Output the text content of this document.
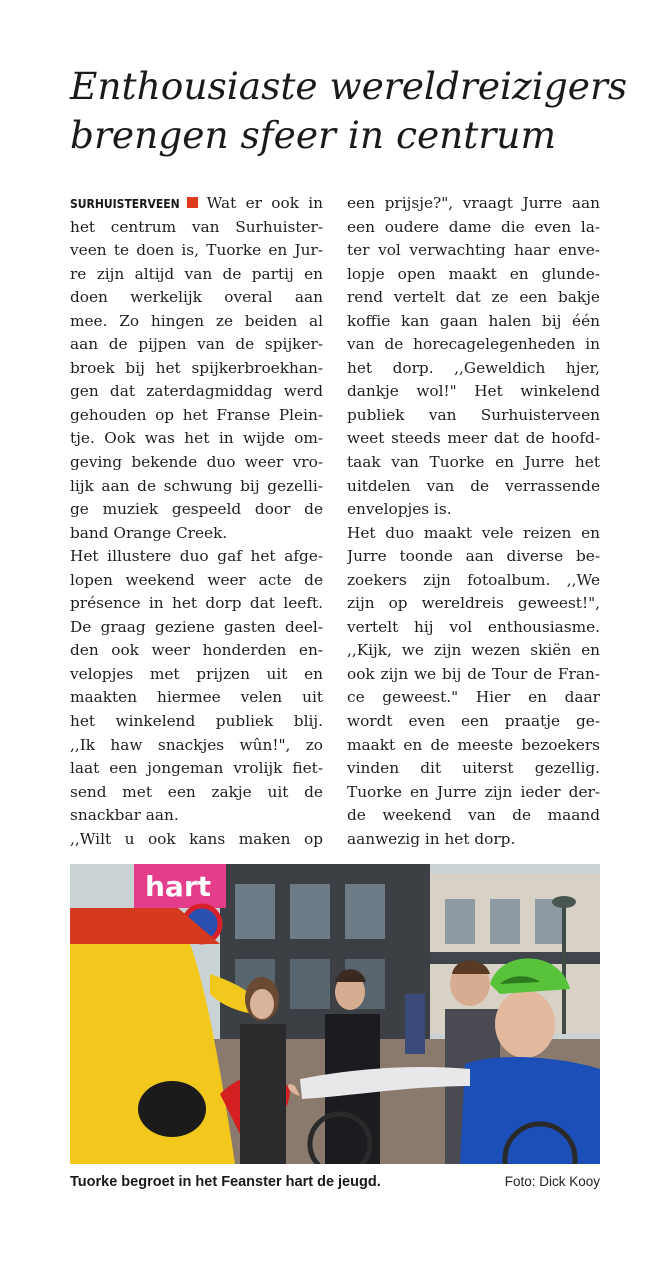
Enthousiaste wereldreizigers
brengen sfeer in centrum
SURHUISTERVEEN Wat er ook in
het centrum van Surhuister-
veen te doen is, Tuorke en Jur-
re zijn altijd van de partij en
doen werkelijk overal aan
mee. Zo hingen ze beiden al
aan de pijpen van de spijker-
broek bij het spijkerbroekhan-
gen dat zaterdagmiddag werd
gehouden op het Franse Plein-
tje. Ook was het in wijde om-
geving bekende duo weer vro-
lijk aan de schwung bij gezelli-
ge muziek gespeeld door de
band Orange Creek.
Het illustere duo gaf het afge-
lopen weekend weer acte de
présence in het dorp dat leeft.
De graag geziene gasten deel-
den ook weer honderden en-
velopjes met prijzen uit en
maakten hiermee velen uit
het winkelend publiek blij.
,,Ik haw snackjes wûn!", zo
laat een jongeman vrolijk fiet-
send met een zakje uit de
snackbar aan.
,,Wilt u ook kans maken op
een prijsje?", vraagt Jurre aan
een oudere dame die even la-
ter vol verwachting haar enve-
lopje open maakt en glunde-
rend vertelt dat ze een bakje
koffie kan gaan halen bij één
van de horecagelegenheden in
het dorp. ,,Geweldich hjer,
dankje wol!" Het winkelend
publiek van Surhuisterveen
weet steeds meer dat de hoofd-
taak van Tuorke en Jurre het
uitdelen van de verrassende
envelopjes is.
Het duo maakt vele reizen en
Jurre toonde aan diverse be-
zoekers zijn fotoalbum. ,,We
zijn op wereldreis geweest!",
vertelt hij vol enthousiasme.
,,Kijk, we zijn wezen skiën en
ook zijn we bij de Tour de Fran-
ce geweest." Hier en daar
wordt even een praatje ge-
maakt en de meeste bezoekers
vinden dit uiterst gezellig.
Tuorke en Jurre zijn ieder der-
de weekend van de maand
aanwezig in het dorp.
hart
Tuorke begroet in het Feanster hart de jeugd.	Foto: Dick Kooy
